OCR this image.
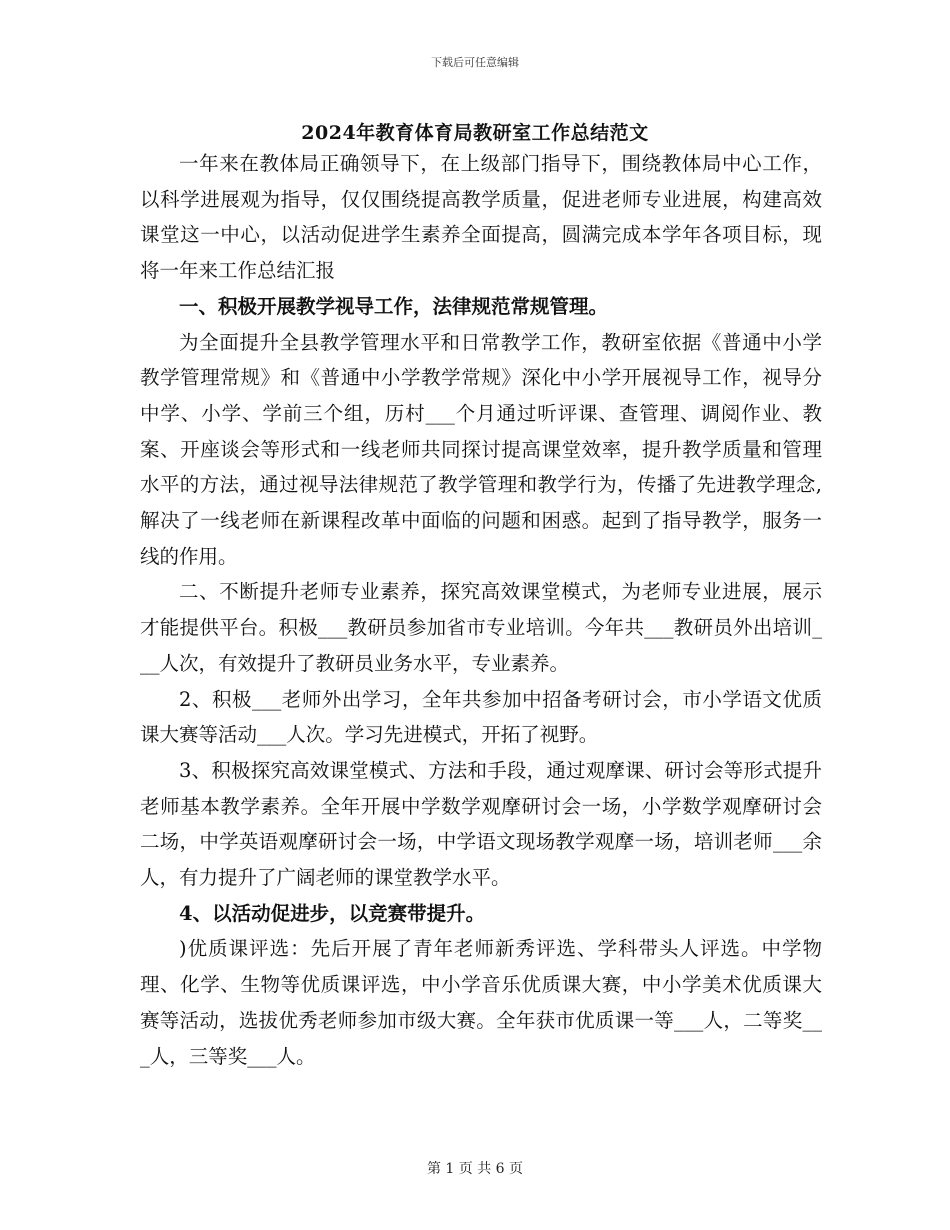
下载后可任意编辑
2024年教育体育局教研室工作总结范文

一年来在教体局正确领导下，在上级部门指导下，围绕教体局中心工作，以科学进展观为指导，仅仅围绕提高教学质量，促进老师专业进展，构建高效课堂这一中心，以活动促进学生素养全面提高，圆满完成本学年各项目标，现将一年来工作总结汇报

一、积极开展教学视导工作，法律规范常规管理。

为全面提升全县教学管理水平和日常教学工作，教研室依据《普通中小学教学管理常规》和《普通中小学教学常规》深化中小学开展视导工作，视导分中学、小学、学前三个组，历村___个月通过听评课、查管理、调阅作业、教案、开座谈会等形式和一线老师共同探讨提高课堂效率，提升教学质量和管理水平的方法，通过视导法律规范了教学管理和教学行为，传播了先进教学理念,解决了一线老师在新课程改革中面临的问题和困惑。起到了指导教学，服务一线的作用。

二、不断提升老师专业素养，探究高效课堂模式，为老师专业进展，展示才能提供平台。积极___教研员参加省市专业培训。今年共___教研员外出培训___人次，有效提升了教研员业务水平，专业素养。

2、积极___老师外出学习，全年共参加中招备考研讨会，市小学语文优质课大赛等活动___人次。学习先进模式，开拓了视野。

3、积极探究高效课堂模式、方法和手段，通过观摩课、研讨会等形式提升老师基本教学素养。全年开展中学数学观摩研讨会一场，小学数学观摩研讨会二场，中学英语观摩研讨会一场，中学语文现场教学观摩一场，培训老师___余人，有力提升了广阔老师的课堂教学水平。

4、以活动促进步，以竞赛带提升。

)优质课评选：先后开展了青年老师新秀评选、学科带头人评选。中学物理、化学、生物等优质课评选，中小学音乐优质课大赛，中小学美术优质课大赛等活动，选拔优秀老师参加市级大赛。全年获市优质课一等___人，二等奖___人，三等奖___人。

第 1 页 共 6 页
